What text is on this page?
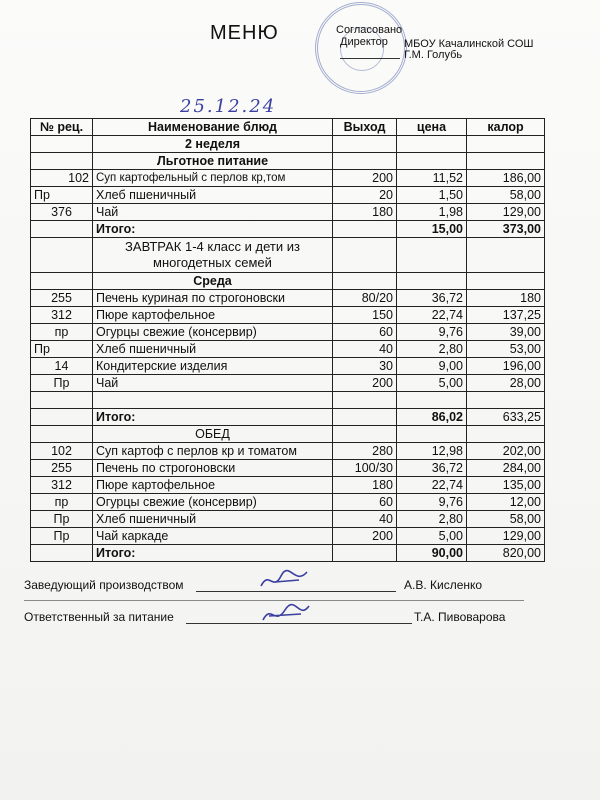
МЕНЮ	Согласовано
Директор МБОУ Качалинской СОШ
Г.М. Голубь
25.12.24
№ рец.	Наименование блюд	Выход	цена	калор
	2 неделя			
	Льготное питание			
102	Суп картофельный с перлов кр,том	200	11,52	186,00
Пр	Хлеб пшеничный	20	1,50	58,00
376	Чай	180	1,98	129,00
	Итого:		15,00	373,00
	ЗАВТРАК 1-4 класс и дети из многодетных семей			
	Среда			
255	Печень куриная по строгоновски	80/20	36,72	180
312	Пюре картофельное	150	22,74	137,25
пр	Огурцы свежие (консервир)	60	9,76	39,00
Пр	Хлеб пшеничный	40	2,80	53,00
14	Кондитерские изделия	30	9,00	196,00
Пр	Чай	200	5,00	28,00

	Итого:		86,02	633,25
	ОБЕД			
102	Суп картоф с перлов кр и томатом	280	12,98	202,00
255	Печень по строгоновски	100/30	36,72	284,00
312	Пюре картофельное	180	22,74	135,00
пр	Огурцы свежие (консервир)	60	9,76	12,00
Пр	Хлеб пшеничный	40	2,80	58,00
Пр	Чай каркаде	200	5,00	129,00
	Итого:		90,00	820,00
Заведующий производством	А.В. Кисленко
Ответственный за питание	Т.А. Пивоварова
